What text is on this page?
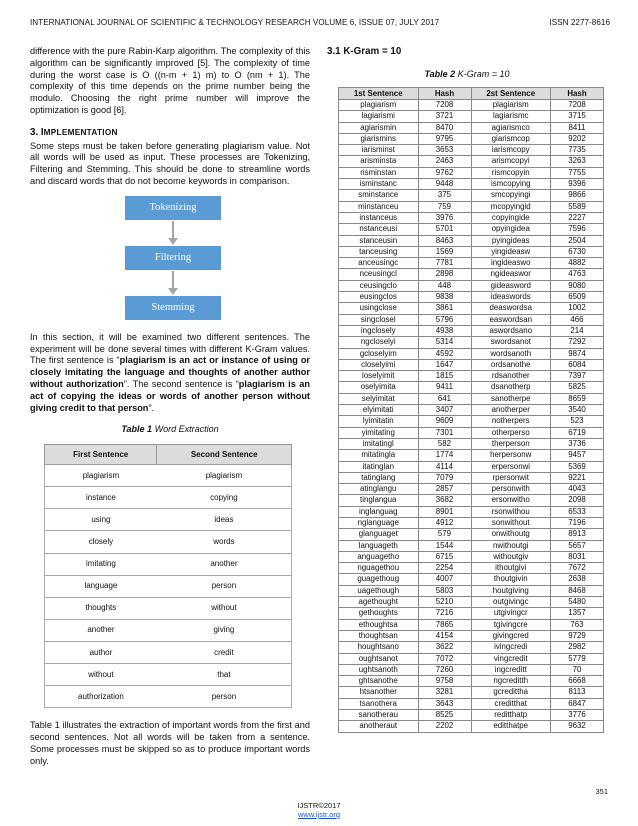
INTERNATIONAL JOURNAL OF SCIENTIFIC & TECHNOLOGY RESEARCH VOLUME 6, ISSUE 07, JULY 2017	ISSN 2277-8616

difference with the pure Rabin-Karp algorithm. The complexity of this algorithm can be significantly improved [5]. The complexity of time during the worst case is O ((n-m + 1) m) to O (nm + 1). The complexity of this time depends on the prime number being the modulo. Choosing the right prime number will improve the optimization is good [6].

3. IMPLEMENTATION

Some steps must be taken before generating plagiarism value. Not all words will be used as input. These processes are Tokenizing, Filtering and Stemming. This should be done to streamline words and discard words that do not become keywords in comparison.

Tokenizing
Filtering
Stemming

In this section, it will be examined two different sentences. The experiment will be done several times with different K-Gram values. The first sentence is “plagiarism is an act or instance of using or closely imitating the language and thoughts of another author without authorization”. The second sentence is “plagiarism is an act of copying the ideas or words of another person without giving credit to that person”.

Table 1 Word Extraction
First Sentence	Second Sentence
plagiarism	plagiarism
instance	copying
using	ideas
closely	words
imitating	another
language	person
thoughts	without
another	giving
author	credit
without	that
authorization	person

Table 1 illustrates the extraction of important words from the first and second sentences. Not all words will be taken from a sentence. Some processes must be skipped so as to produce important words only.

3.1 K-Gram = 10
Table 2 K-Gram = 10
1st Sentence	Hash	2st Sentence	Hash
plagiarism	7208	plagiarism	7208
lagiarismi	3721	lagiarismc	3715
agiarismin	8470	agiarismco	8411
giarismins	9795	giarismcop	9202
iarisminst	3653	iarismcopy	7735
arisminsta	2463	arismcopyi	3263
risminstan	9762	rismcopyin	7755
isminstanc	9448	ismcopying	9396
sminstance	375	smcopyingi	9866
minstanceu	759	mcopyingid	5589
instanceus	3976	copyingide	2227
nstanceusi	5701	opyingidea	7596
stanceusin	8463	pyingideas	2504
tanceusing	1569	yingideasw	6730
anceusingc	7781	ingideaswo	4882
nceusingcl	2898	ngideaswor	4763
ceusingclo	448	gideasword	9080
eusingclos	9838	ideaswords	6509
usingclose	3861	deaswordsa	1002
singclosel	5796	easwordsan	466
ingclosely	4938	aswordsano	214
ngcloselyi	5314	swordsanot	7292
gcloselyim	4592	wordsanoth	9874
closelyimi	1647	ordsanothe	6084
loselyimit	1815	rdsanother	7397
oselyimita	9411	dsanotherp	5825
selyimitat	641	sanotherpe	8659
elyimitati	3407	anotherper	3540
lyimitatin	9609	notherpers	523
yimitating	7301	otherperso	6719
imitatingl	582	therperson	3736
mitatingla	1774	herpersonw	9457
itatinglan	4114	erpersonwi	5369
tatinglang	7079	rpersonwit	9221
atinglangu	2857	personwith	4043
tinglangua	3682	ersonwitho	2098
inglanguag	8901	rsonwithou	6533
nglanguage	4912	sonwithout	7196
glanguaget	579	onwithoutg	8913
languageth	1544	nwithoutgi	5657
anguagetho	6715	withoutgiv	8031
nguagethou	2254	ithoutgivi	7672
guagethoug	4007	thoutgivin	2638
uagethough	5803	houtgiving	8468
agethought	5210	outgivingc	5480
gethoughts	7216	utgivingcr	1357
ethoughtsa	7865	tgivingcre	763
thoughtsan	4154	givingcred	9729
houghtsano	3622	ivingcredi	2982
oughtsanot	7072	vingcredit	5779
ughtsanoth	7260	ingcreditt	70
ghtsanothe	9758	ngcreditth	6668
htsanother	3281	gcredittha	8113
tsanothera	3643	creditthat	6847
sanotherau	8525	reditthatp	3776
anotheraut	2202	editthatpe	9632
351
IJSTR©2017
www.ijstr.org
